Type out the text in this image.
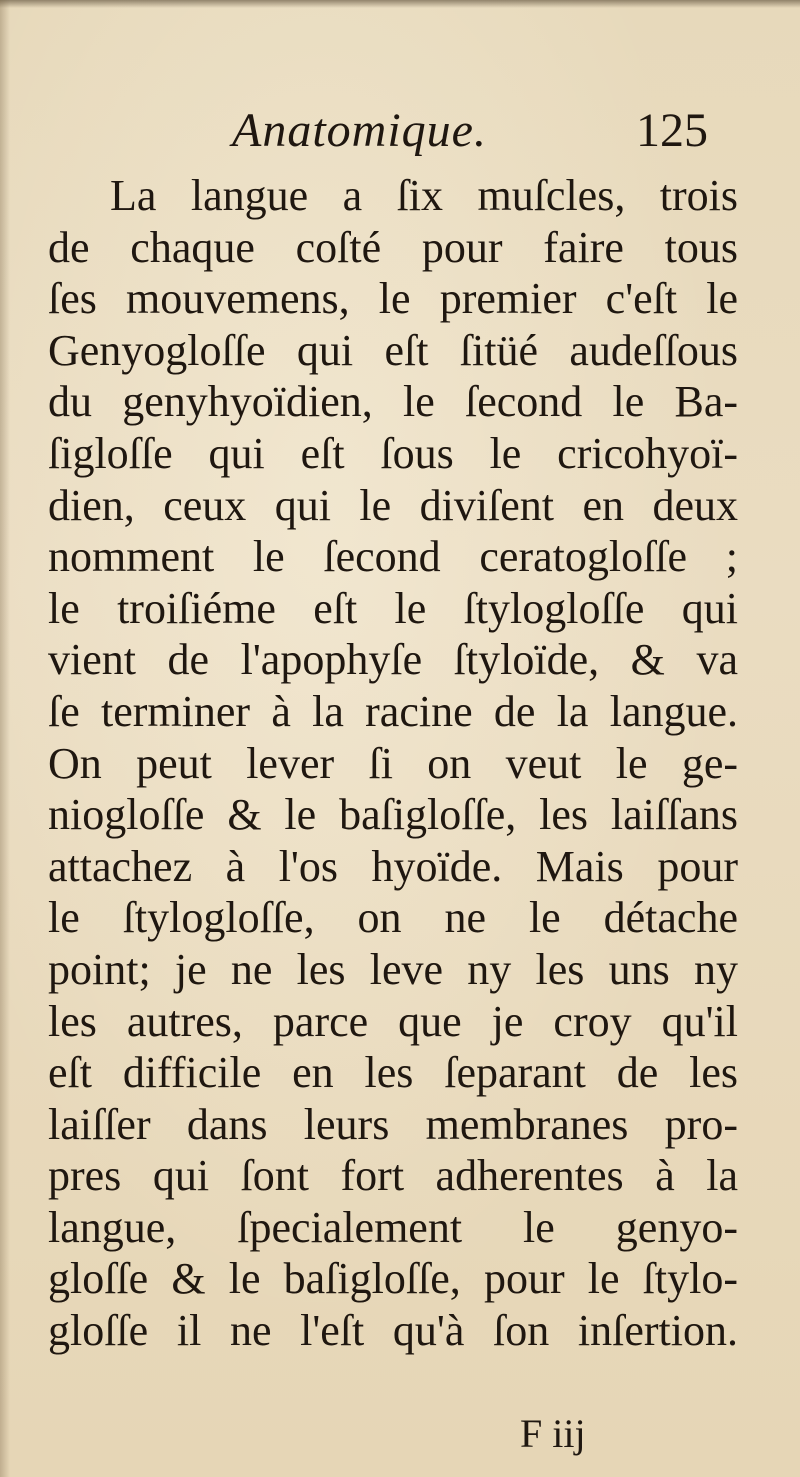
Anatomique.	125
La langue a ſix muſcles, trois
de chaque coſté pour faire tous
ſes mouvemens, le premier c'eſt le
Genyogloſſe qui eſt ſitüé audeſſous
du genyhyoïdien, le ſecond le Ba-
ſigloſſe qui eſt ſous le cricohyoï-
dien, ceux qui le diviſent en deux
nomment le ſecond ceratogloſſe ;
le troiſiéme eſt le ſtylogloſſe qui
vient de l'apophyſe ſtyloïde, & va
ſe terminer à la racine de la langue.
On peut lever ſi on veut le ge-
niogloſſe & le baſigloſſe, les laiſſans
attachez à l'os hyoïde. Mais pour
le ſtylogloſſe, on ne le détache
point; je ne les leve ny les uns ny
les autres, parce que je croy qu'il
eſt difficile en les ſeparant de les
laiſſer dans leurs membranes pro-
pres qui ſont fort adherentes à la
langue, ſpecialement le genyo-
gloſſe & le baſigloſſe, pour le ſtylo-
gloſſe il ne l'eſt qu'à ſon inſertion.
F iij
